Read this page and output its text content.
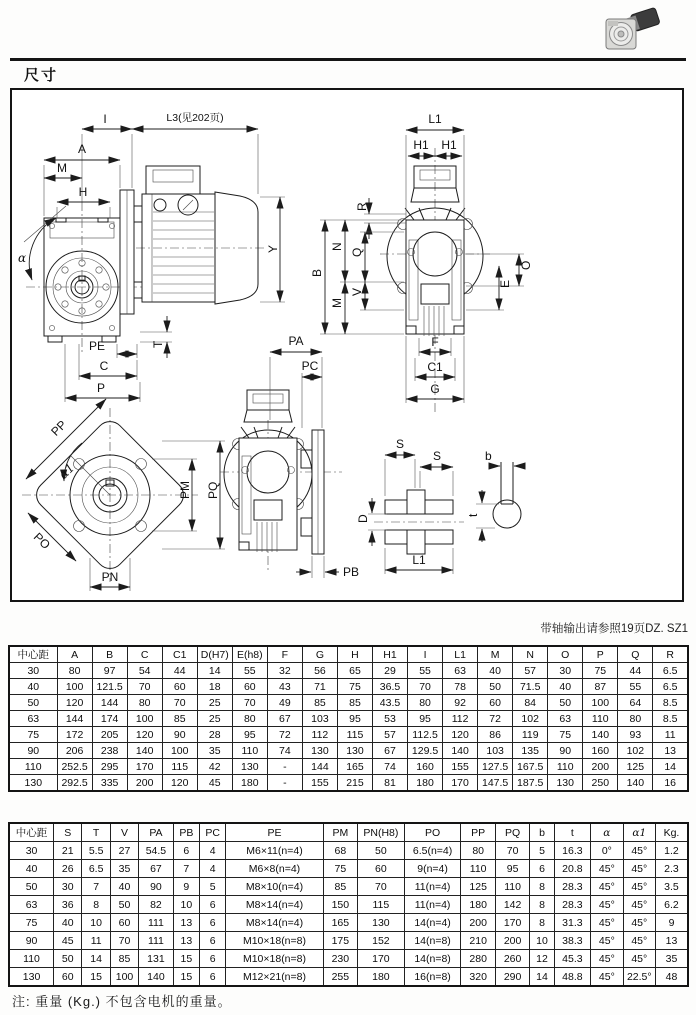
尺寸
I	L3(见202页)
A
M
H
α
Y
T
PE
C
P
L1
H1 H1
R
B
N
Q
M
V
O
E
F
C1
G
PP
α1
PO
PN
PM PQ
PA
PC
PB
S
S
D
L1
b
t
带轴输出请参照19页DZ. SZ1
中心距	A	B	C	C1	D(H7)	E(h8)	F	G	H	H1	I	L1	M	N	O	P	Q	R
30	80	97	54	44	14	55	32	56	65	29	55	63	40	57	30	75	44	6.5
40	100	121.5	70	60	18	60	43	71	75	36.5	70	78	50	71.5	40	87	55	6.5
50	120	144	80	70	25	70	49	85	85	43.5	80	92	60	84	50	100	64	8.5
63	144	174	100	85	25	80	67	103	95	53	95	112	72	102	63	110	80	8.5
75	172	205	120	90	28	95	72	112	115	57	112.5	120	86	119	75	140	93	11
90	206	238	140	100	35	110	74	130	130	67	129.5	140	103	135	90	160	102	13
110	252.5	295	170	115	42	130	-	144	165	74	160	155	127.5	167.5	110	200	125	14
130	292.5	335	200	120	45	180	-	155	215	81	180	170	147.5	187.5	130	250	140	16
中心距	S	T	V	PA	PB	PC	PE	PM	PN(H8)	PO	PP	PQ	b	t	α	α1	Kg.
30	21	5.5	27	54.5	6	4	M6×11(n=4)	68	50	6.5(n=4)	80	70	5	16.3	0°	45°	1.2
40	26	6.5	35	67	7	4	M6×8(n=4)	75	60	9(n=4)	110	95	6	20.8	45°	45°	2.3
50	30	7	40	90	9	5	M8×10(n=4)	85	70	11(n=4)	125	110	8	28.3	45°	45°	3.5
63	36	8	50	82	10	6	M8×14(n=4)	150	115	11(n=4)	180	142	8	28.3	45°	45°	6.2
75	40	10	60	111	13	6	M8×14(n=4)	165	130	14(n=4)	200	170	8	31.3	45°	45°	9
90	45	11	70	111	13	6	M10×18(n=8)	175	152	14(n=8)	210	200	10	38.3	45°	45°	13
110	50	14	85	131	15	6	M10×18(n=8)	230	170	14(n=8)	280	260	12	45.3	45°	45°	35
130	60	15	100	140	15	6	M12×21(n=8)	255	180	16(n=8)	320	290	14	48.8	45°	22.5°	48
注: 重量 (Kg.) 不包含电机的重量。
